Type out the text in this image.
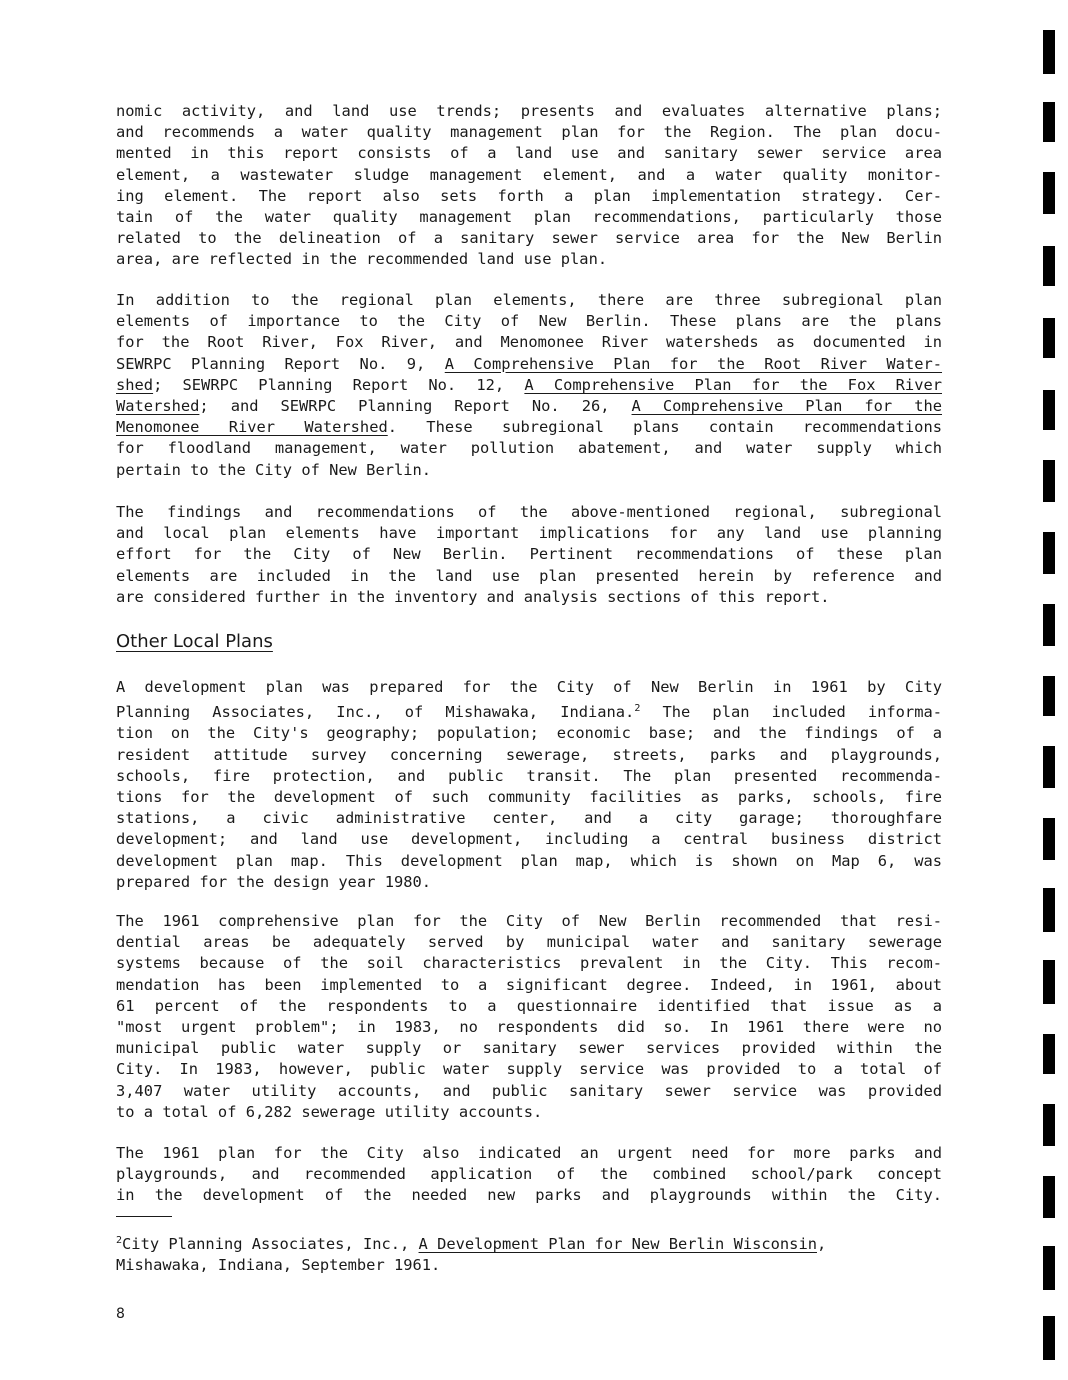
nomic activity, and land use trends; presents and evaluates alternative plans;
and recommends a water quality management plan for the Region. The plan docu-
mented in this report consists of a land use and sanitary sewer service area
element, a wastewater sludge management element, and a water quality monitor-
ing element. The report also sets forth a plan implementation strategy. Cer-
tain of the water quality management plan recommendations, particularly those
related to the delineation of a sanitary sewer service area for the New Berlin
area, are reflected in the recommended land use plan.
In addition to the regional plan elements, there are three subregional plan
elements of importance to the City of New Berlin. These plans are the plans
for the Root River, Fox River, and Menomonee River watersheds as documented in
SEWRPC Planning Report No. 9, A Comprehensive Plan for the Root River Water-
shed; SEWRPC Planning Report No. 12, A Comprehensive Plan for the Fox River
Watershed; and SEWRPC Planning Report No. 26, A Comprehensive Plan for the
Menomonee River Watershed. These subregional plans contain recommendations
for floodland management, water pollution abatement, and water supply which
pertain to the City of New Berlin.
The findings and recommendations of the above-mentioned regional, subregional
and local plan elements have important implications for any land use planning
effort for the City of New Berlin. Pertinent recommendations of these plan
elements are included in the land use plan presented herein by reference and
are considered further in the inventory and analysis sections of this report.
Other Local Plans
A development plan was prepared for the City of New Berlin in 1961 by City
Planning Associates, Inc., of Mishawaka, Indiana.$^2$ The plan included informa-
tion on the City's geography; population; economic base; and the findings of a
resident attitude survey concerning sewerage, streets, parks and playgrounds,
schools, fire protection, and public transit. The plan presented recommenda-
tions for the development of such community facilities as parks, schools, fire
stations, a civic administrative center, and a city garage; thoroughfare
development; and land use development, including a central business district
development plan map. This development plan map, which is shown on Map 6, was
prepared for the design year 1980.
The 1961 comprehensive plan for the City of New Berlin recommended that resi-
dential areas be adequately served by municipal water and sanitary sewerage
systems because of the soil characteristics prevalent in the City. This recom-
mendation has been implemented to a significant degree. Indeed, in 1961, about
61 percent of the respondents to a questionnaire identified that issue as a
"most urgent problem"; in 1983, no respondents did so. In 1961 there were no
municipal public water supply or sanitary sewer services provided within the
City. In 1983, however, public water supply service was provided to a total of
3,407 water utility accounts, and public sanitary sewer service was provided
to a total of 6,282 sewerage utility accounts.
The 1961 plan for the City also indicated an urgent need for more parks and
playgrounds, and recommended application of the combined school/park concept
in the development of the needed new parks and playgrounds within the City.
$^2$City Planning Associates, Inc., A Development Plan for New Berlin Wisconsin,
Mishawaka, Indiana, September 1961.
8
